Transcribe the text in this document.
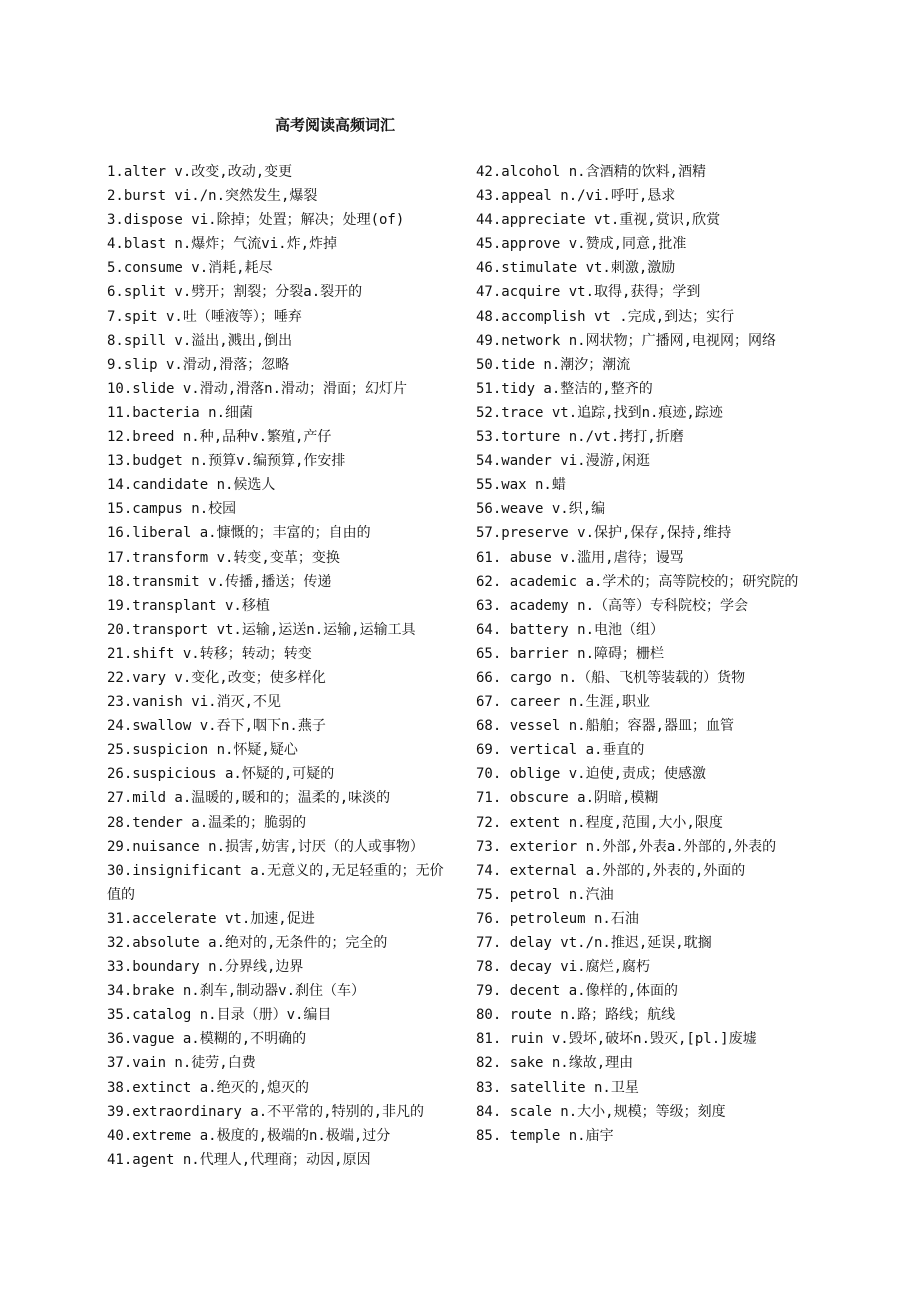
高考阅读高频词汇
1.alter v.改变,改动,变更
2.burst vi./n.突然发生,爆裂
3.dispose vi.除掉；处置；解决；处理(of)
4.blast n.爆炸；气流vi.炸,炸掉
5.consume v.消耗,耗尽
6.split v.劈开；割裂；分裂a.裂开的
7.spit v.吐（唾液等）；唾弃
8.spill v.溢出,溅出,倒出
9.slip v.滑动,滑落；忽略
10.slide v.滑动,滑落n.滑动；滑面；幻灯片
11.bacteria n.细菌
12.breed n.种,品种v.繁殖,产仔
13.budget n.预算v.编预算,作安排
14.candidate n.候选人
15.campus n.校园
16.liberal a.慷慨的；丰富的；自由的
17.transform v.转变,变革；变换
18.transmit v.传播,播送；传递
19.transplant v.移植
20.transport vt.运输,运送n.运输,运输工具
21.shift v.转移；转动；转变
22.vary v.变化,改变；使多样化
23.vanish vi.消灭,不见
24.swallow v.吞下,咽下n.燕子
25.suspicion n.怀疑,疑心
26.suspicious a.怀疑的,可疑的
27.mild a.温暖的,暖和的；温柔的,味淡的
28.tender a.温柔的；脆弱的
29.nuisance n.损害,妨害,讨厌（的人或事物）
30.insignificant a.无意义的,无足轻重的；无价值的
31.accelerate vt.加速,促进
32.absolute a.绝对的,无条件的；完全的
33.boundary n.分界线,边界
34.brake n.刹车,制动器v.刹住（车）
35.catalog n.目录（册）v.编目
36.vague a.模糊的,不明确的
37.vain n.徒劳,白费
38.extinct a.绝灭的,熄灭的
39.extraordinary a.不平常的,特别的,非凡的
40.extreme a.极度的,极端的n.极端,过分
41.agent n.代理人,代理商；动因,原因
42.alcohol n.含酒精的饮料,酒精
43.appeal n./vi.呼吁,恳求
44.appreciate vt.重视,赏识,欣赏
45.approve v.赞成,同意,批准
46.stimulate vt.刺激,激励
47.acquire vt.取得,获得；学到
48.accomplish vt .完成,到达；实行
49.network n.网状物；广播网,电视网；网络
50.tide n.潮汐；潮流
51.tidy a.整洁的,整齐的
52.trace vt.追踪,找到n.痕迹,踪迹
53.torture n./vt.拷打,折磨
54.wander vi.漫游,闲逛
55.wax n.蜡
56.weave v.织,编
57.preserve v.保护,保存,保持,维持
61. abuse v.滥用,虐待；谩骂
62. academic a.学术的；高等院校的；研究院的
63. academy n.（高等）专科院校；学会
64. battery n.电池（组）
65. barrier n.障碍；栅栏
66. cargo n.（船、飞机等装载的）货物
67. career n.生涯,职业
68. vessel n.船舶；容器,器皿；血管
69. vertical a.垂直的
70. oblige v.迫使,责成；使感激
71. obscure a.阴暗,模糊
72. extent n.程度,范围,大小,限度
73. exterior n.外部,外表a.外部的,外表的
74. external a.外部的,外表的,外面的
75. petrol n.汽油
76. petroleum n.石油
77. delay vt./n.推迟,延误,耽搁
78. decay vi.腐烂,腐朽
79. decent a.像样的,体面的
80. route n.路；路线；航线
81. ruin v.毁坏,破坏n.毁灭,[pl.]废墟
82. sake n.缘故,理由
83. satellite n.卫星
84. scale n.大小,规模；等级；刻度
85. temple n.庙宇
